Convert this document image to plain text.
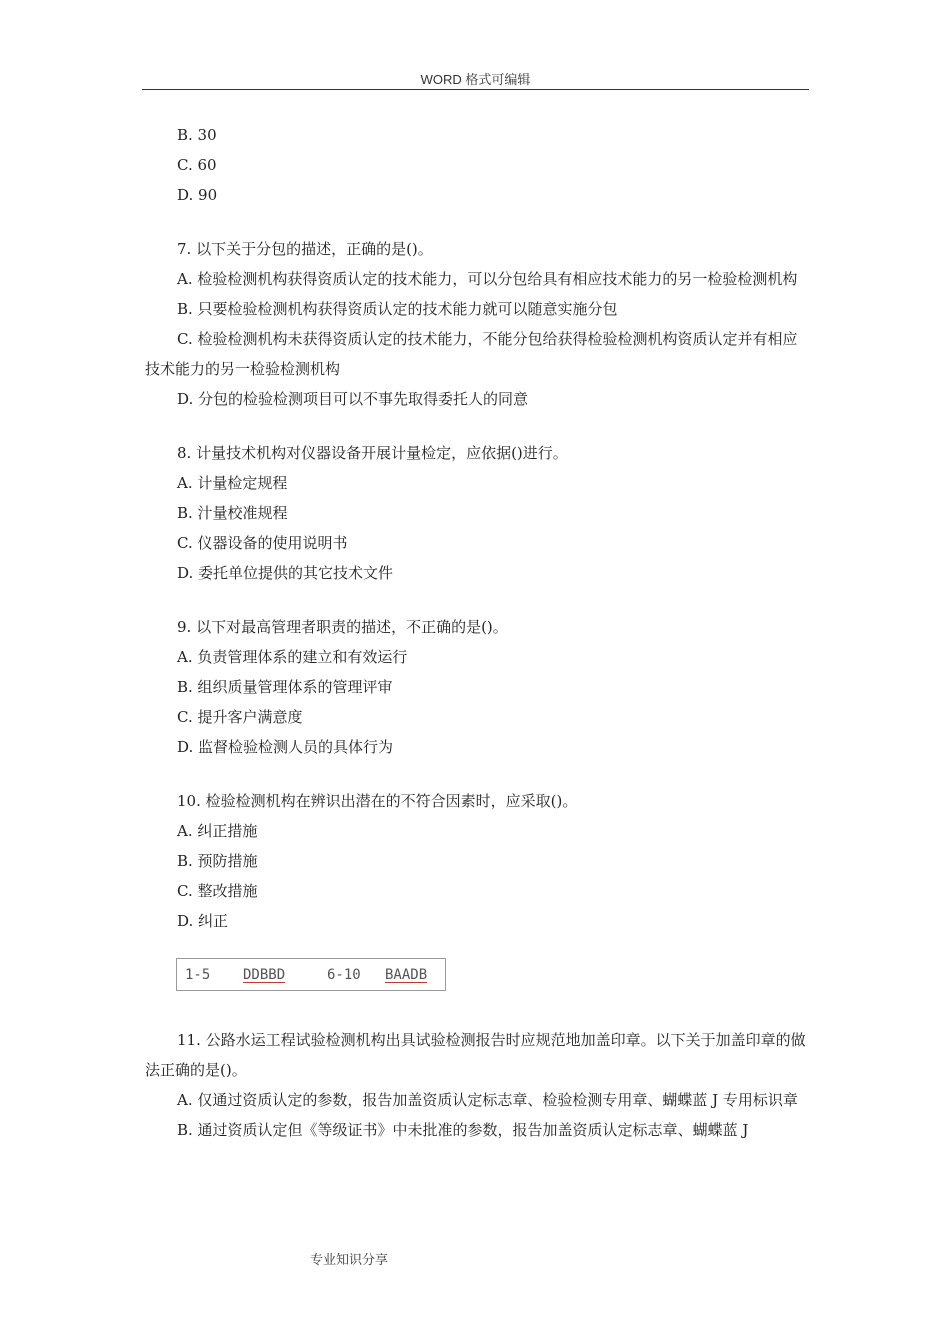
WORD 格式可编辑

B. 30

C. 60

D. 90

7. 以下关于分包的描述，正确的是()。

A. 检验检测机构获得资质认定的技术能力，可以分包给具有相应技术能力的另一检验检测机构

B. 只要检验检测机构获得资质认定的技术能力就可以随意实施分包

C. 检验检测机构未获得资质认定的技术能力，不能分包给获得检验检测机构资质认定并有相应技术能力的另一检验检测机构

D. 分包的检验检测项目可以不事先取得委托人的同意

8. 计量技术机构对仪器设备开展计量检定，应依据()进行。

A. 计量检定规程

B. 汁量校准规程

C. 仪器设备的使用说明书

D. 委托单位提供的其它技术文件

9. 以下对最高管理者职责的描述，不正确的是()。

A. 负责管理体系的建立和有效运行

B. 组织质量管理体系的管理评审

C. 提升客户满意度

D. 监督检验检测人员的具体行为

10. 检验检测机构在辨识出潜在的不符合因素时，应采取()。

A. 纠正措施

B. 预防措施

C. 整改措施

D. 纠正

1-5 DDBBD	6-10 BAADB

11. 公路水运工程试验检测机构出具试验检测报告时应规范地加盖印章。以下关于加盖印章的做法正确的是()。

A. 仅通过资质认定的参数，报告加盖资质认定标志章、检验检测专用章、蝴蝶蓝 J 专用标识章

B. 通过资质认定但《等级证书》中未批准的参数，报告加盖资质认定标志章、蝴蝶蓝 J

专业知识分享
